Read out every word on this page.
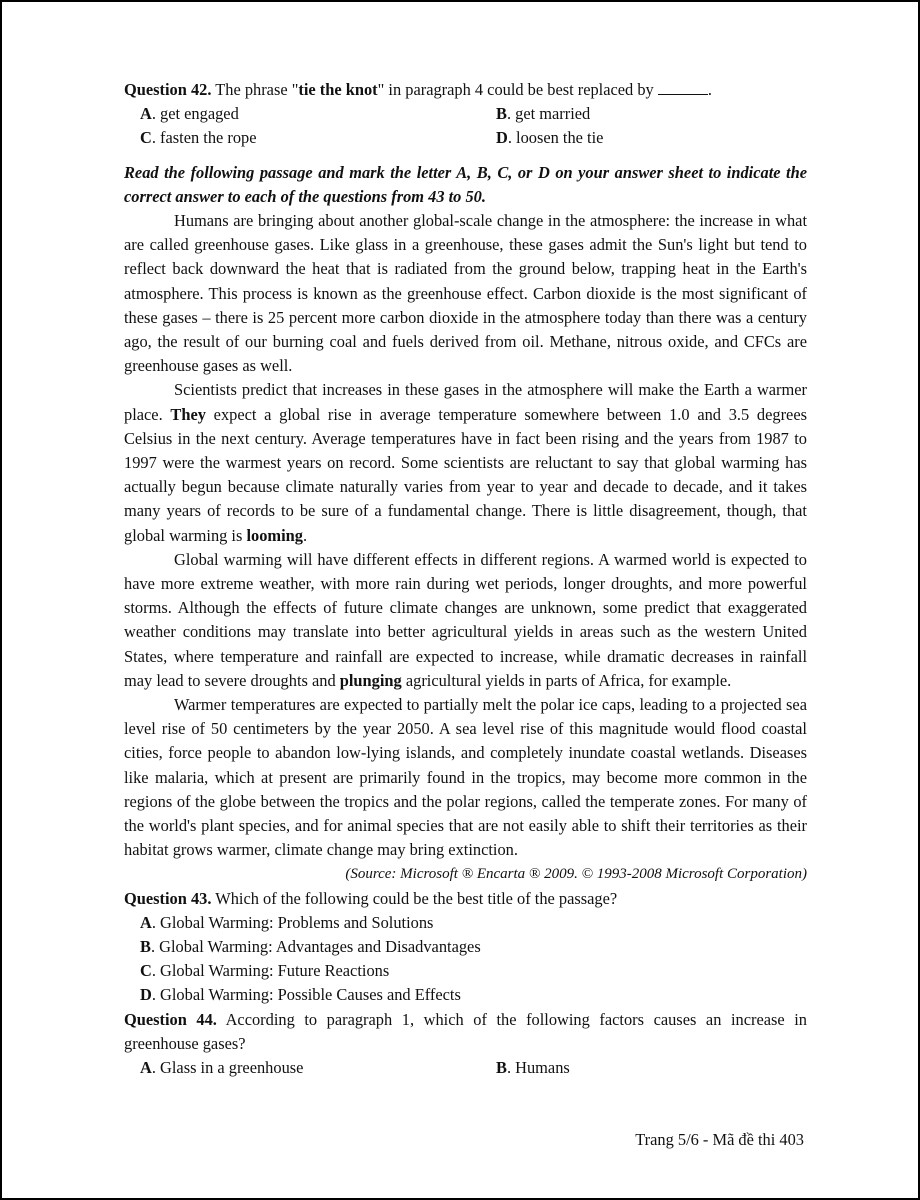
Question 42. The phrase "tie the knot" in paragraph 4 could be best replaced by	.

A. get engaged	B. get married
C. fasten the rope	D. loosen the tie

Read the following passage and mark the letter A, B, C, or D on your answer sheet to indicate the correct answer to each of the questions from 43 to 50.

Humans are bringing about another global-scale change in the atmosphere: the increase in what are called greenhouse gases. Like glass in a greenhouse, these gases admit the Sun's light but tend to reflect back downward the heat that is radiated from the ground below, trapping heat in the Earth's atmosphere. This process is known as the greenhouse effect. Carbon dioxide is the most significant of these gases – there is 25 percent more carbon dioxide in the atmosphere today than there was a century ago, the result of our burning coal and fuels derived from oil. Methane, nitrous oxide, and CFCs are greenhouse gases as well.

Scientists predict that increases in these gases in the atmosphere will make the Earth a warmer place. They expect a global rise in average temperature somewhere between 1.0 and 3.5 degrees Celsius in the next century. Average temperatures have in fact been rising and the years from 1987 to 1997 were the warmest years on record. Some scientists are reluctant to say that global warming has actually begun because climate naturally varies from year to year and decade to decade, and it takes many years of records to be sure of a fundamental change. There is little disagreement, though, that global warming is looming.

Global warming will have different effects in different regions. A warmed world is expected to have more extreme weather, with more rain during wet periods, longer droughts, and more powerful storms. Although the effects of future climate changes are unknown, some predict that exaggerated weather conditions may translate into better agricultural yields in areas such as the western United States, where temperature and rainfall are expected to increase, while dramatic decreases in rainfall may lead to severe droughts and plunging agricultural yields in parts of Africa, for example.

Warmer temperatures are expected to partially melt the polar ice caps, leading to a projected sea level rise of 50 centimeters by the year 2050. A sea level rise of this magnitude would flood coastal cities, force people to abandon low-lying islands, and completely inundate coastal wetlands. Diseases like malaria, which at present are primarily found in the tropics, may become more common in the regions of the globe between the tropics and the polar regions, called the temperate zones. For many of the world's plant species, and for animal species that are not easily able to shift their territories as their habitat grows warmer, climate change may bring extinction.

(Source: Microsoft ® Encarta ® 2009. © 1993-2008 Microsoft Corporation)

Question 43. Which of the following could be the best title of the passage?

A. Global Warming: Problems and Solutions
B. Global Warming: Advantages and Disadvantages
C. Global Warming: Future Reactions
D. Global Warming: Possible Causes and Effects

Question 44. According to paragraph 1, which of the following factors causes an increase in greenhouse gases?

A. Glass in a greenhouse	B. Humans
Trang 5/6 - Mã đề thi 403
